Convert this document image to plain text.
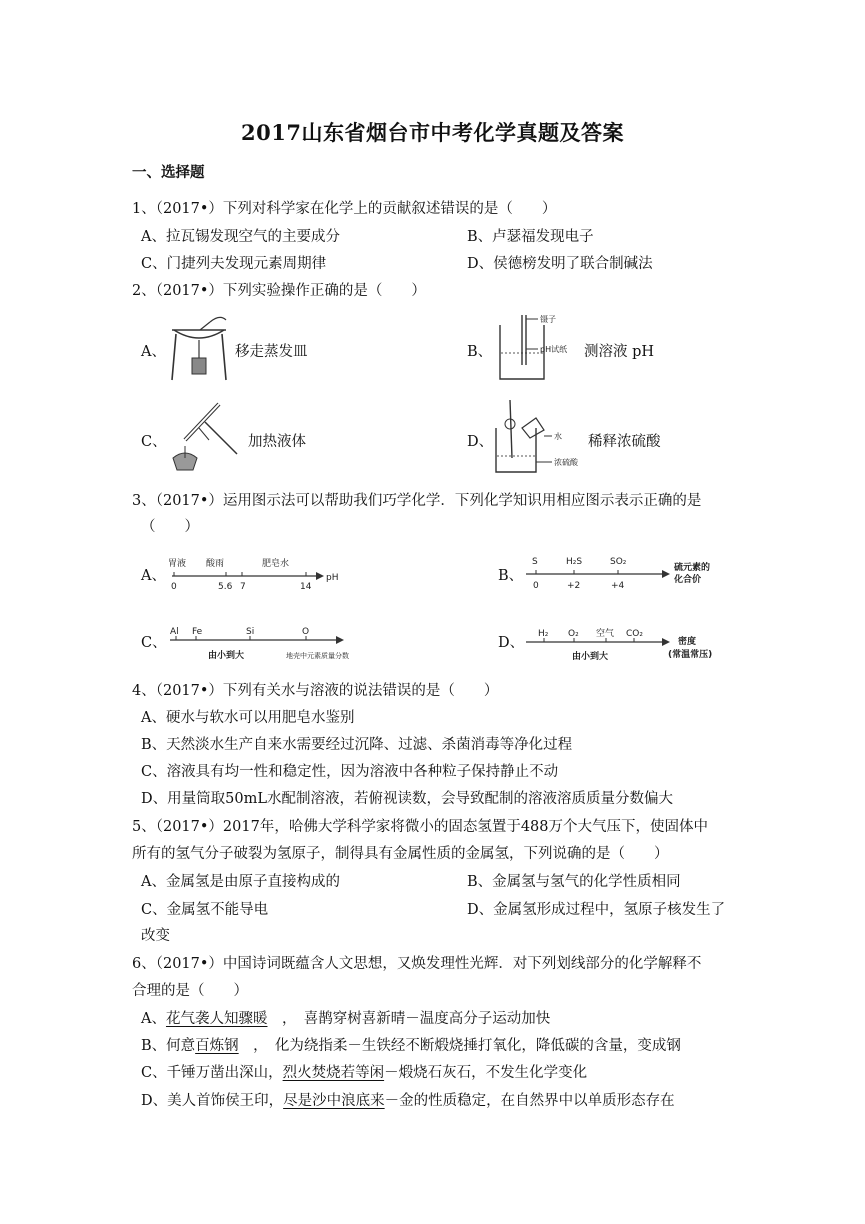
2017山东省烟台市中考化学真题及答案
一、选择题
1、（2017•）下列对科学家在化学上的贡献叙述错误的是（　　）
A、拉瓦锡发现空气的主要成分	B、卢瑟福发现电子
C、门捷列夫发现元素周期律	D、侯德榜发明了联合制碱法
2、（2017•）下列实验操作正确的是（　　）
A、	移走蒸发皿	B、
镊子
pH试纸 测溶液 pH
C、	加热液体	D、	水
浓硫酸
稀释浓硫酸
3、（2017•）运用图示法可以帮助我们巧学化学．下列化学知识用相应图示表示正确的是
（　　）
A、
胃液 酸雨	肥皂水
0	5.6 7	14
pH	B、
S	H₂S	SO₂
0	+2	+4
硫元素的
化合价
C、
Al Fe	Si	O
由小到大	地壳中元素质量分数
D、
H₂ O₂ 空气 CO₂
由小到大
密度
(常温常压)
4、（2017•）下列有关水与溶液的说法错误的是（　　）
A、硬水与软水可以用肥皂水鉴别
B、天然淡水生产自来水需要经过沉降、过滤、杀菌消毒等净化过程
C、溶液具有均一性和稳定性，因为溶液中各种粒子保持静止不动
D、用量筒取50mL水配制溶液，若俯视读数，会导致配制的溶液溶质质量分数偏大
5、（2017•）2017年，哈佛大学科学家将微小的固态氢置于488万个大气压下，使固体中
所有的氢气分子破裂为氢原子，制得具有金属性质的金属氢，下列说确的是（　　）
A、金属氢是由原子直接构成的	B、金属氢与氢气的化学性质相同
C、金属氢不能导电	D、金属氢形成过程中，氢原子核发生了
改变
6、（2017•）中国诗词既蕴含人文思想，又焕发理性光辉．对下列划线部分的化学解释不
合理的是（　　）
A、花气袭人知骤暖　，　喜鹊穿树喜新晴－温度高分子运动加快
B、何意百炼钢　，　化为绕指柔－生铁经不断煅烧捶打氧化，降低碳的含量，变成钢
C、千锤万凿出深山，烈火焚烧若等闲－煅烧石灰石，不发生化学变化
D、美人首饰侯王印，尽是沙中浪底来－金的性质稳定，在自然界中以单质形态存在
